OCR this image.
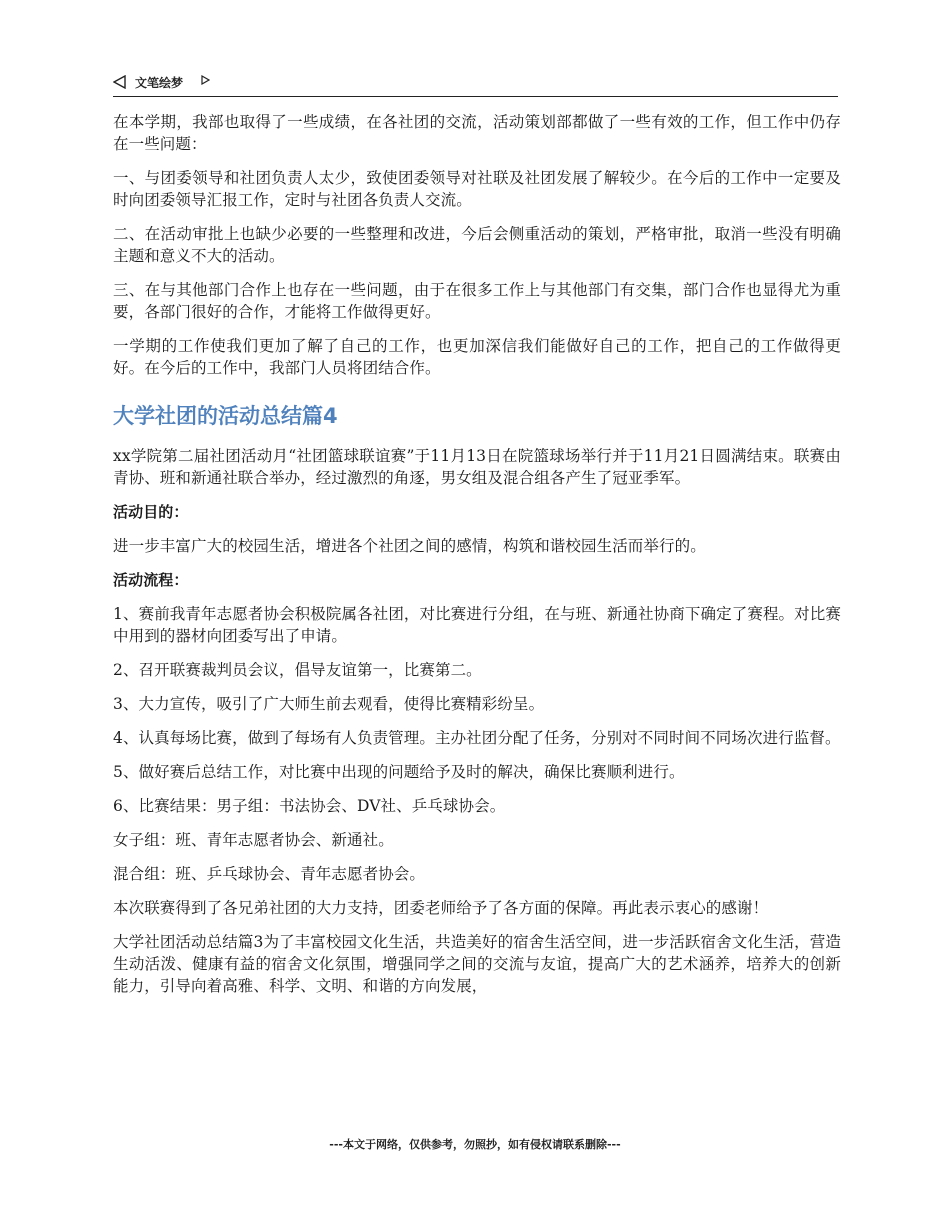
文笔绘梦

在本学期，我部也取得了一些成绩，在各社团的交流，活动策划部都做了一些有效的工作，但工作中仍存在一些问题：

一、与团委领导和社团负责人太少，致使团委领导对社联及社团发展了解较少。在今后的工作中一定要及时向团委领导汇报工作，定时与社团各负责人交流。

二、在活动审批上也缺少必要的一些整理和改进，今后会侧重活动的策划，严格审批，取消一些没有明确主题和意义不大的活动。

三、在与其他部门合作上也存在一些问题，由于在很多工作上与其他部门有交集，部门合作也显得尤为重要，各部门很好的合作，才能将工作做得更好。

一学期的工作使我们更加了解了自己的工作，也更加深信我们能做好自己的工作，把自己的工作做得更好。在今后的工作中，我部门人员将团结合作。

大学社团的活动总结篇4

xx学院第二届社团活动月“社团篮球联谊赛”于11月13日在院篮球场举行并于11月21日圆满结束。联赛由青协、班和新通社联合举办，经过激烈的角逐，男女组及混合组各产生了冠亚季军。

活动目的：

进一步丰富广大的校园生活，增进各个社团之间的感情，构筑和谐校园生活而举行的。

活动流程：

1、赛前我青年志愿者协会积极院属各社团，对比赛进行分组，在与班、新通社协商下确定了赛程。对比赛中用到的器材向团委写出了申请。

2、召开联赛裁判员会议，倡导友谊第一，比赛第二。

3、大力宣传，吸引了广大师生前去观看，使得比赛精彩纷呈。

4、认真每场比赛，做到了每场有人负责管理。主办社团分配了任务，分别对不同时间不同场次进行监督。

5、做好赛后总结工作，对比赛中出现的问题给予及时的解决，确保比赛顺利进行。

6、比赛结果：男子组：书法协会、DV社、乒乓球协会。

女子组：班、青年志愿者协会、新通社。

混合组：班、乒乓球协会、青年志愿者协会。

本次联赛得到了各兄弟社团的大力支持，团委老师给予了各方面的保障。再此表示衷心的感谢！

大学社团活动总结篇3为了丰富校园文化生活，共造美好的宿舍生活空间，进一步活跃宿舍文化生活，营造生动活泼、健康有益的宿舍文化氛围，增强同学之间的交流与友谊，提高广大的艺术涵养，培养大的创新能力，引导向着高雅、科学、文明、和谐的方向发展，

---本文于网络，仅供参考，勿照抄，如有侵权请联系删除---
